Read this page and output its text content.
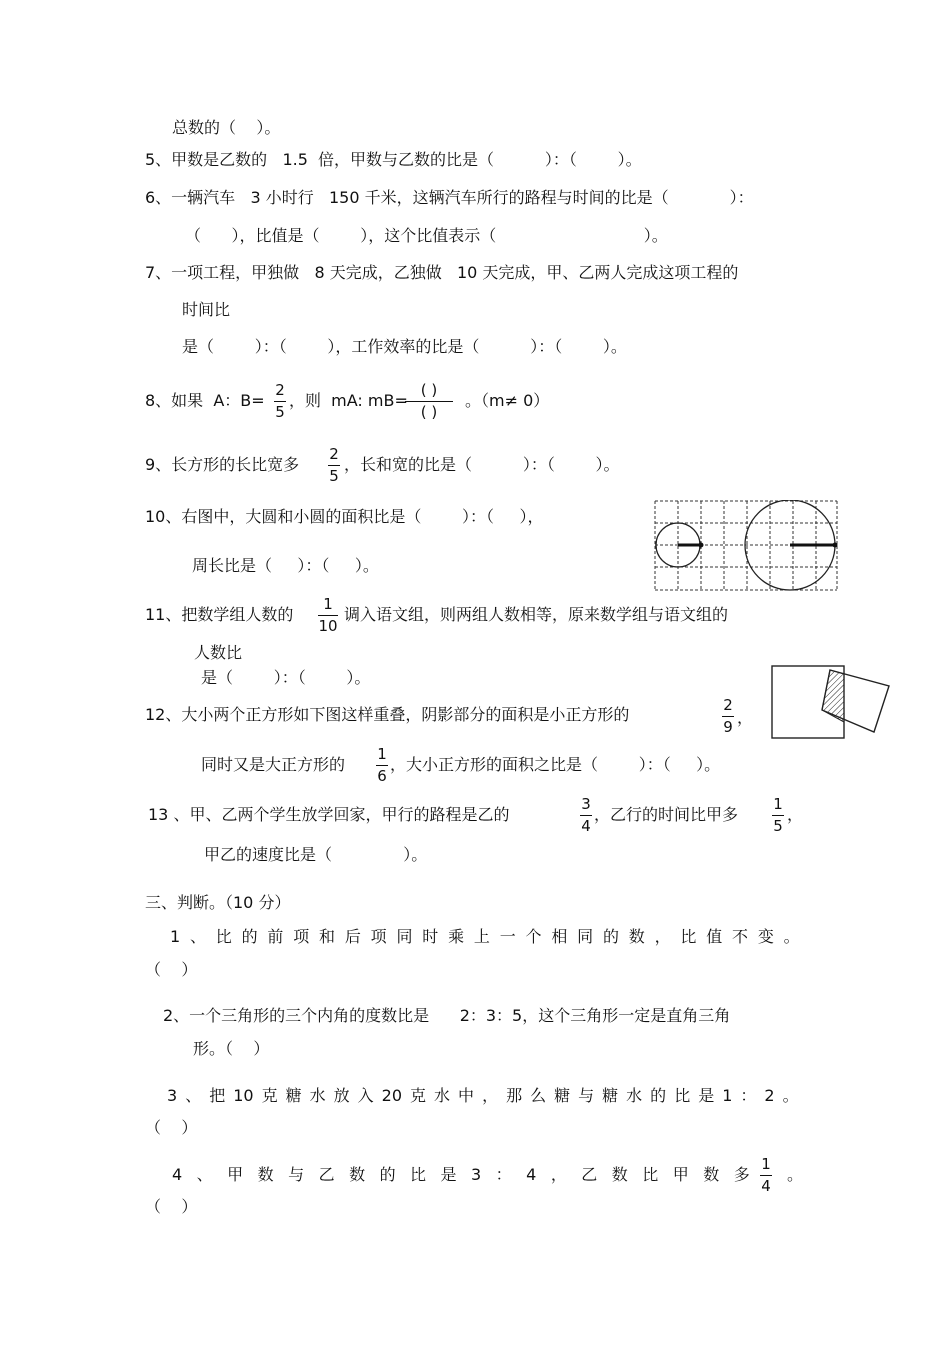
总数的（    ）。
5、甲数是乙数的   1.5  倍，甲数与乙数的比是（          ）：（        ）。
6、一辆汽车   3 小时行   150 千米，这辆汽车所行的路程与时间的比是（            ）：
（      ），比值是（        ），这个比值表示（                             ）。
7、一项工程，甲独做   8 天完成，乙独做   10 天完成，甲、乙两人完成这项工程的
时间比
是（        ）：（        ），工作效率的比是（          ）：（        ）。
8、如果  A：B=
2
5
，则  mA: mB=
( )
( )
。（m≠ 0）
9、长方形的长比宽多
2
5
，长和宽的比是（          ）：（        ）。
10、右图中，大圆和小圆的面积比是（        ）：（     ），
周长比是（     ）：（     ）。
11、把数学组人数的
1
10
调入语文组，则两组人数相等，原来数学组与语文组的
人数比
是（        ）：（        ）。
12、大小两个正方形如下图这样重叠，阴影部分的面积是小正方形的	2
9 ，
同时又是大正方形的
1
6
，大小正方形的面积之比是（        ）：（     ）。
13 、甲、乙两个学生放学回家，甲行的路程是乙的
3
4
，乙行的时间比甲多
1
5
，
甲乙的速度比是（              ）。
三、判断。（10 分）
1 、 比 的 前 项 和 后 项 同 时 乘 上 一 个 相 同 的 数 ， 比 值 不 变 。
（    ）
2、一个三角形的三个内角的度数比是      2：3：5，这个三角形一定是直角三角
形。（    ）
3 、 把 10 克 糖 水 放 入 20 克 水 中 ， 那 么 糖 与 糖 水 的 比 是 1 ： 2 。
（    ）
4 、 甲 数 与 乙 数 的 比 是 3 ： 4 ， 乙 数 比 甲 数 多
1
4
。
（    ）
